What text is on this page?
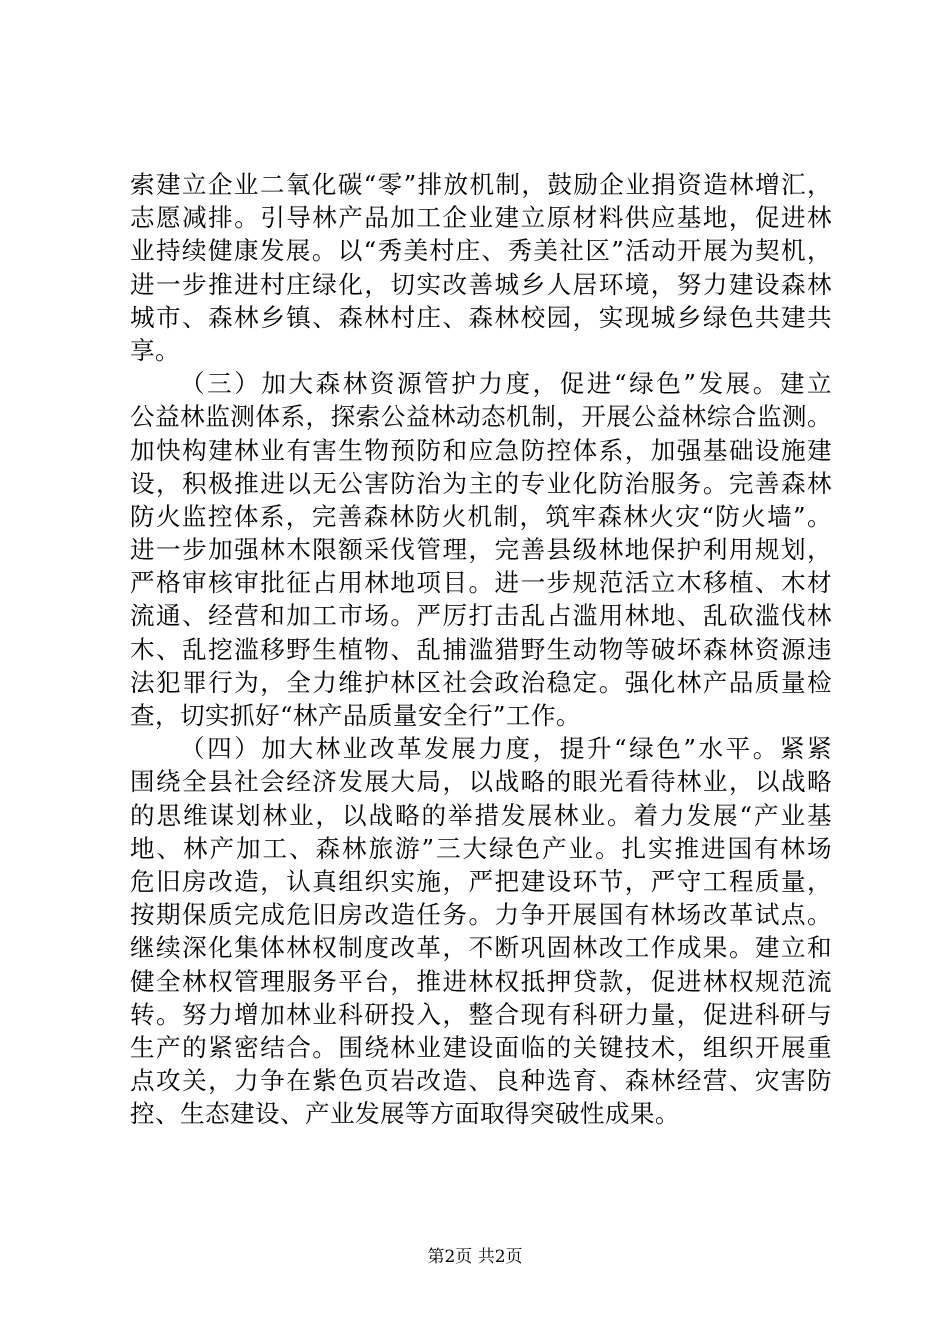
索建立企业二氧化碳“零”排放机制，鼓励企业捐资造林增汇，
志愿减排。引导林产品加工企业建立原材料供应基地，促进林
业持续健康发展。以“秀美村庄、秀美社区”活动开展为契机，
进一步推进村庄绿化，切实改善城乡人居环境，努力建设森林
城市、森林乡镇、森林村庄、森林校园，实现城乡绿色共建共
享。
（三）加大森林资源管护力度，促进“绿色”发展。建立
公益林监测体系，探索公益林动态机制，开展公益林综合监测。
加快构建林业有害生物预防和应急防控体系，加强基础设施建
设，积极推进以无公害防治为主的专业化防治服务。完善森林
防火监控体系，完善森林防火机制，筑牢森林火灾“防火墙”。
进一步加强林木限额采伐管理，完善县级林地保护利用规划，
严格审核审批征占用林地项目。进一步规范活立木移植、木材
流通、经营和加工市场。严厉打击乱占滥用林地、乱砍滥伐林
木、乱挖滥移野生植物、乱捕滥猎野生动物等破坏森林资源违
法犯罪行为，全力维护林区社会政治稳定。强化林产品质量检
查，切实抓好“林产品质量安全行”工作。
（四）加大林业改革发展力度，提升“绿色”水平。紧紧
围绕全县社会经济发展大局，以战略的眼光看待林业，以战略
的思维谋划林业，以战略的举措发展林业。着力发展“产业基
地、林产加工、森林旅游”三大绿色产业。扎实推进国有林场
危旧房改造，认真组织实施，严把建设环节，严守工程质量，
按期保质完成危旧房改造任务。力争开展国有林场改革试点。
继续深化集体林权制度改革，不断巩固林改工作成果。建立和
健全林权管理服务平台，推进林权抵押贷款，促进林权规范流
转。努力增加林业科研投入，整合现有科研力量，促进科研与
生产的紧密结合。围绕林业建设面临的关键技术，组织开展重
点攻关，力争在紫色页岩改造、良种选育、森林经营、灾害防
控、生态建设、产业发展等方面取得突破性成果。
第2页 共2页
